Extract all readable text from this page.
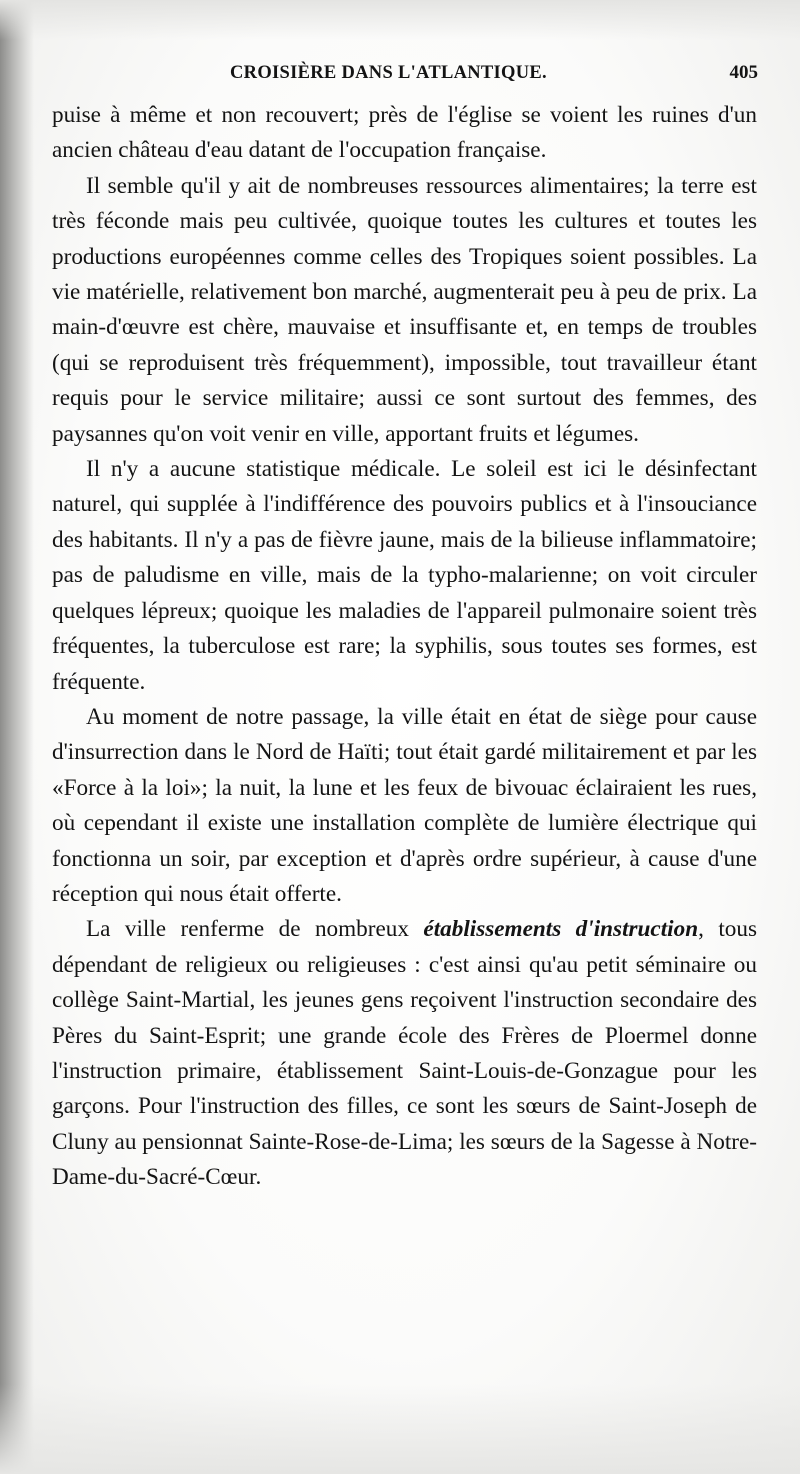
CROISIÈRE DANS L'ATLANTIQUE.	405

puise à même et non recouvert; près de l'église se voient les ruines d'un ancien château d'eau datant de l'occupation française.

Il semble qu'il y ait de nombreuses ressources alimentaires; la terre est très féconde mais peu cultivée, quoique toutes les cultures et toutes les productions européennes comme celles des Tropiques soient possibles. La vie matérielle, relativement bon marché, augmenterait peu à peu de prix. La main-d'œuvre est chère, mauvaise et insuffisante et, en temps de troubles (qui se reproduisent très fréquemment), impossible, tout travailleur étant requis pour le service militaire; aussi ce sont surtout des femmes, des paysannes qu'on voit venir en ville, apportant fruits et légumes.

Il n'y a aucune statistique médicale. Le soleil est ici le désinfectant naturel, qui supplée à l'indifférence des pouvoirs publics et à l'insouciance des habitants. Il n'y a pas de fièvre jaune, mais de la bilieuse inflammatoire; pas de paludisme en ville, mais de la typho-malarienne; on voit circuler quelques lépreux; quoique les maladies de l'appareil pulmonaire soient très fréquentes, la tuberculose est rare; la syphilis, sous toutes ses formes, est fréquente.

Au moment de notre passage, la ville était en état de siège pour cause d'insurrection dans le Nord de Haïti; tout était gardé militairement et par les «Force à la loi»; la nuit, la lune et les feux de bivouac éclairaient les rues, où cependant il existe une installation complète de lumière électrique qui fonctionna un soir, par exception et d'après ordre supérieur, à cause d'une réception qui nous était offerte.

La ville renferme de nombreux établissements d'instruction, tous dépendant de religieux ou religieuses : c'est ainsi qu'au petit séminaire ou collège Saint-Martial, les jeunes gens reçoivent l'instruction secondaire des Pères du Saint-Esprit; une grande école des Frères de Ploermel donne l'instruction primaire, établissement Saint-Louis-de-Gonzague pour les garçons. Pour l'instruction des filles, ce sont les sœurs de Saint-Joseph de Cluny au pensionnat Sainte-Rose-de-Lima; les sœurs de la Sagesse à Notre-Dame-du-Sacré-Cœur.
